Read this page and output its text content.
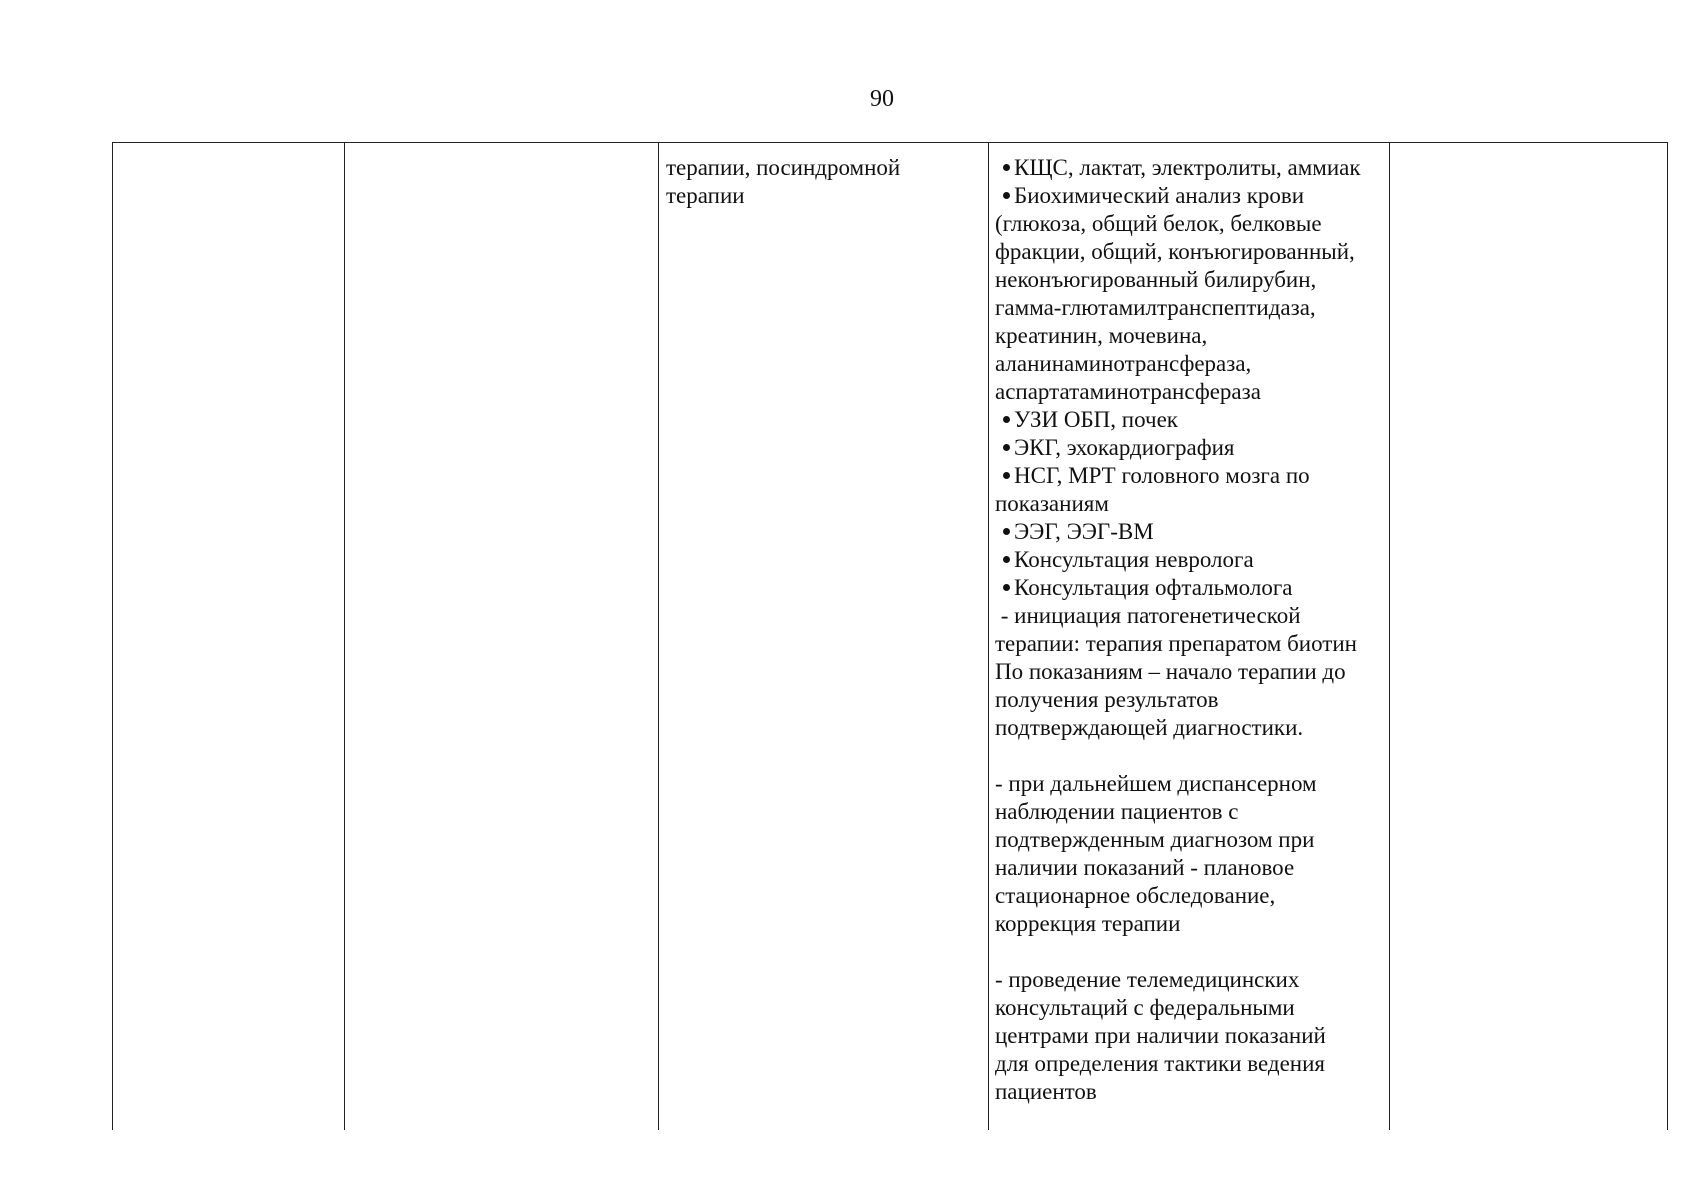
90
терапии, посиндромной
терапии
КЩС, лактат, электролиты, аммиак
Биохимический анализ крови
(глюкоза, общий белок, белковые
фракции, общий, конъюгированный,
неконъюгированный билирубин,
гамма-глютамилтранспептидаза,
креатинин, мочевина,
аланинаминотрансфераза,
аспартатаминотрансфераза
УЗИ ОБП, почек
ЭКГ, эхокардиография
НСГ, МРТ головного мозга по
показаниям
ЭЭГ, ЭЭГ-ВМ
Консультация невролога
Консультация офтальмолога
- инициация патогенетической
терапии: терапия препаратом биотин
По показаниям – начало терапии до
получения результатов
подтверждающей диагностики.
- при дальнейшем диспансерном
наблюдении пациентов с
подтвержденным диагнозом при
наличии показаний - плановое
стационарное обследование,
коррекция терапии
- проведение телемедицинских
консультаций с федеральными
центрами при наличии показаний
для определения тактики ведения
пациентов
